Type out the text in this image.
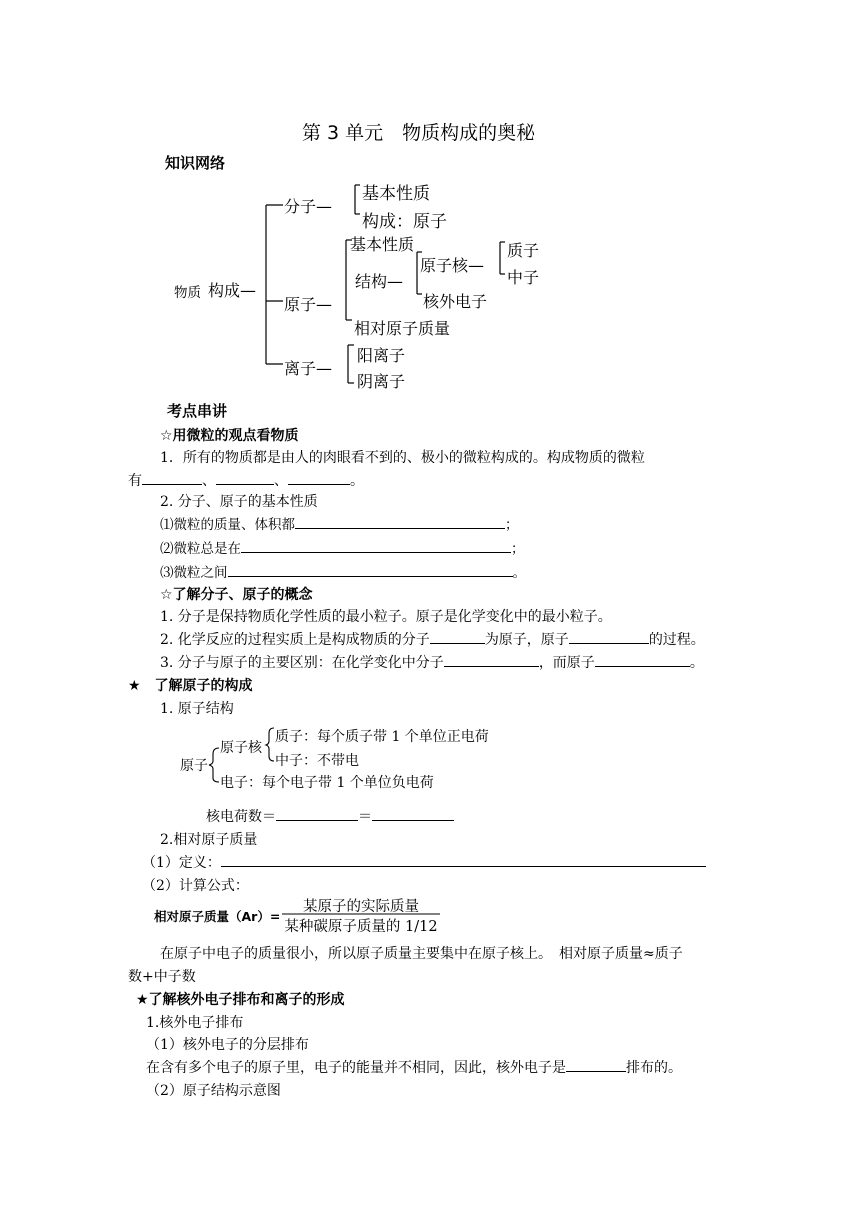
第 3 单元　物质构成的奥秘
知识网络
物质 构成—
分子—
基本性质
构成：原子
原子—
基本性质
结构—
原子核—
质子
中子
核外电子
相对原子质量
离子—
阳离子
阴离子
考点串讲
☆用微粒的观点看物质
1．所有的物质都是由人的肉眼看不到的、极小的微粒构成的。构成物质的微粒
有	、	、	。
2. 分子、原子的基本性质
⑴微粒的质量、体积都	；
⑵微粒总是在	；
⑶微粒之间	。
☆了解分子、原子的概念
1. 分子是保持物质化学性质的最小粒子。原子是化学变化中的最小粒子。
2. 化学反应的过程实质上是构成物质的分子	为原子，原子	的过程。
3. 分子与原子的主要区别：在化学变化中分子	，而原子	。
★　了解原子的构成
1. 原子结构
原子
原子核
质子：每个质子带 1 个单位正电荷
中子：不带电
电子：每个电子带 1 个单位负电荷
核电荷数＝	＝
2.相对原子质量
（1）定义：
（2）计算公式：
相对原子质量（Ar）=
某原子的实际质量
某种碳原子质量的 1/12
在原子中电子的质量很小，所以原子质量主要集中在原子核上。　相对原子质量≈质子
数+中子数
★了解核外电子排布和离子的形成
1.核外电子排布
（1）核外电子的分层排布
在含有多个电子的原子里，电子的能量并不相同，因此，核外电子是	排布的。
（2）原子结构示意图
